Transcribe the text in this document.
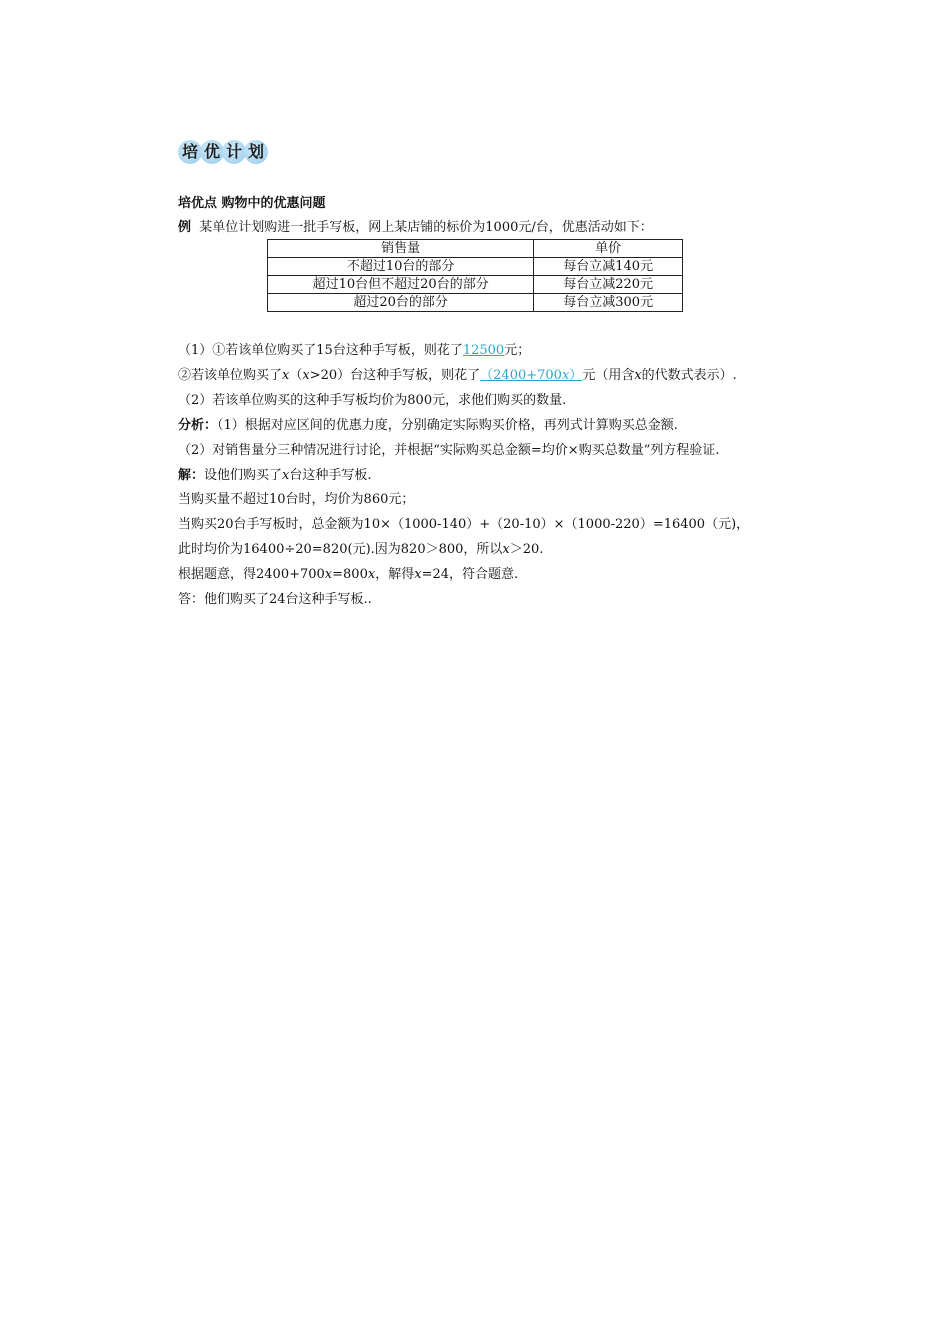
培 优 计 划
培优点 购物中的优惠问题
例 某单位计划购进一批手写板，网上某店铺的标价为1000元/台，优惠活动如下：
销售量	单价
不超过10台的部分	每台立减140元
超过10台但不超过20台的部分	每台立减220元
超过20台的部分	每台立减300元
（1）①若该单位购买了15台这种手写板，则花了12500元；
②若该单位购买了x（x>20）台这种手写板，则花了（2400+700x）元（用含x的代数式表示）.
（2）若该单位购买的这种手写板均价为800元，求他们购买的数量.
分析：（1）根据对应区间的优惠力度，分别确定实际购买价格，再列式计算购买总金额.
（2）对销售量分三种情况进行讨论，并根据“实际购买总金额=均价×购买总数量”列方程验证.
解：设他们购买了x台这种手写板.
当购买量不超过10台时，均价为860元；
当购买20台手写板时，总金额为10×（1000-140）+（20-10）×（1000-220）=16400（元)，
此时均价为16400÷20=820(元).因为820＞800，所以x＞20.
根据题意，得2400+700x=800x，解得x=24，符合题意.
答：他们购买了24台这种手写板..
